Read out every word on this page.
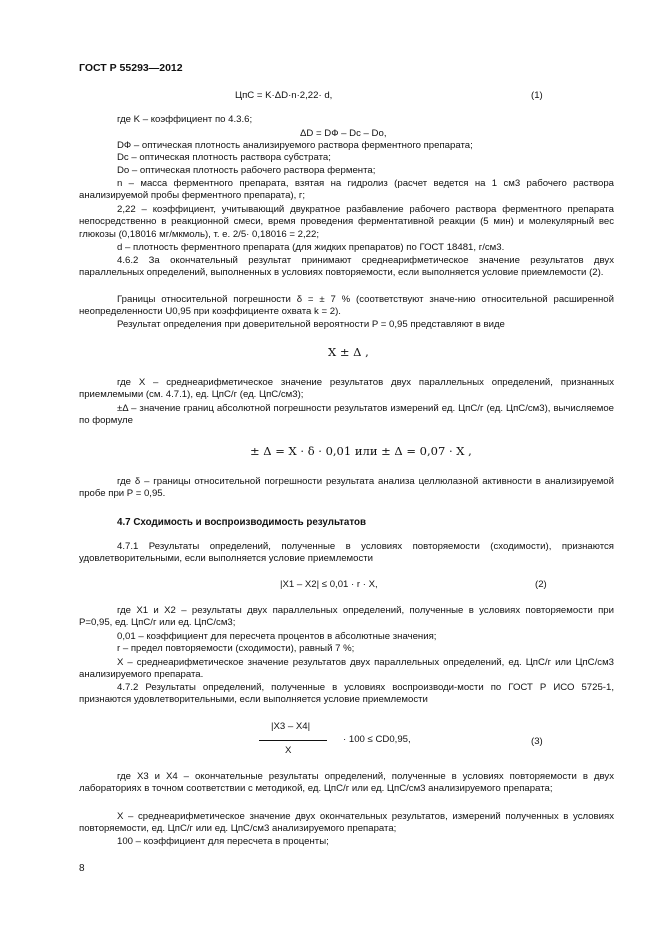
ГОСТ Р 55293—2012
ЦпС = K·ΔD·n·2,22· d,	(1)
где K – коэффициент по 4.3.6;
ΔD = DФ – Dc – Dо,
DФ – оптическая плотность анализируемого раствора ферментного препарата;
Dc – оптическая плотность раствора субстрата;
Dо – оптическая плотность рабочего раствора фермента;
n – масса ферментного препарата, взятая на гидролиз (расчет ведется на 1 см3 рабочего раствора анализируемой пробы ферментного препарата), г;
2,22 – коэффициент, учитывающий двукратное разбавление рабочего раствора ферментного препарата непосредственно в реакционной смеси, время проведения ферментативной реакции (5 мин) и молекулярный вес глюкозы (0,18016 мг/мкмоль), т. е. 2/5· 0,18016 = 2,22;
d – плотность ферментного препарата (для жидких препаратов) по ГОСТ 18481, г/см3.
4.6.2 За окончательный результат принимают среднеарифметическое значение результатов двух параллельных определений, выполненных в условиях повторяемости, если выполняется условие приемлемости (2).
Границы относительной погрешности δ = ± 7 % (соответствуют значе-нию относительной расширенной неопределенности U0,95 при коэффициенте охвата k = 2).
Результат определения при доверительной вероятности P = 0,95 представляют в виде
X ± Δ ,
где X – среднеарифметическое значение результатов двух параллельных определений, признанных приемлемыми (см. 4.7.1), ед. ЦпС/г (ед. ЦпС/см3);
±Δ – значение границ абсолютной погрешности результатов измерений ед. ЦпС/г (ед. ЦпС/см3), вычисляемое по формуле
± Δ = X · δ · 0,01 или ± Δ = 0,07 · X ,
где δ – границы относительной погрешности результата анализа целлюлазной активности в анализируемой пробе при P = 0,95.
4.7 Сходимость и воспроизводимость результатов
4.7.1 Результаты определений, полученные в условиях повторяемости (сходимости), признаются удовлетворительными, если выполняется условие приемлемости
|X1 – X2| ≤ 0,01 · r · X,	(2)
где X1 и X2 – результаты двух параллельных определений, полученные в условиях повторяемости при P=0,95, ед. ЦпС/г или ед. ЦпС/см3;
0,01 – коэффициент для пересчета процентов в абсолютные значения;
r – предел повторяемости (сходимости), равный 7 %;
X – среднеарифметическое значение результатов двух параллельных определений, ед. ЦпС/г или ЦпС/см3 анализируемого препарата.
4.7.2 Результаты определений, полученные в условиях воспроизводи-мости по ГОСТ Р ИСО 5725-1, признаются удовлетворительными, если выполняется условие приемлемости
|X3 – X4|
X
· 100 ≤ CD0,95,	(3)
где X3 и X4 – окончательные результаты определений, полученные в условиях повторяемости в двух лабораториях в точном соответствии с методикой, ед. ЦпС/г или ед. ЦпС/см3 анализируемого препарата;
X – среднеарифметическое значение двух окончательных результатов, измерений полученных в условиях повторяемости, ед. ЦпС/г или ед. ЦпС/см3 анализируемого препарата;
100 – коэффициент для пересчета в проценты;
8
